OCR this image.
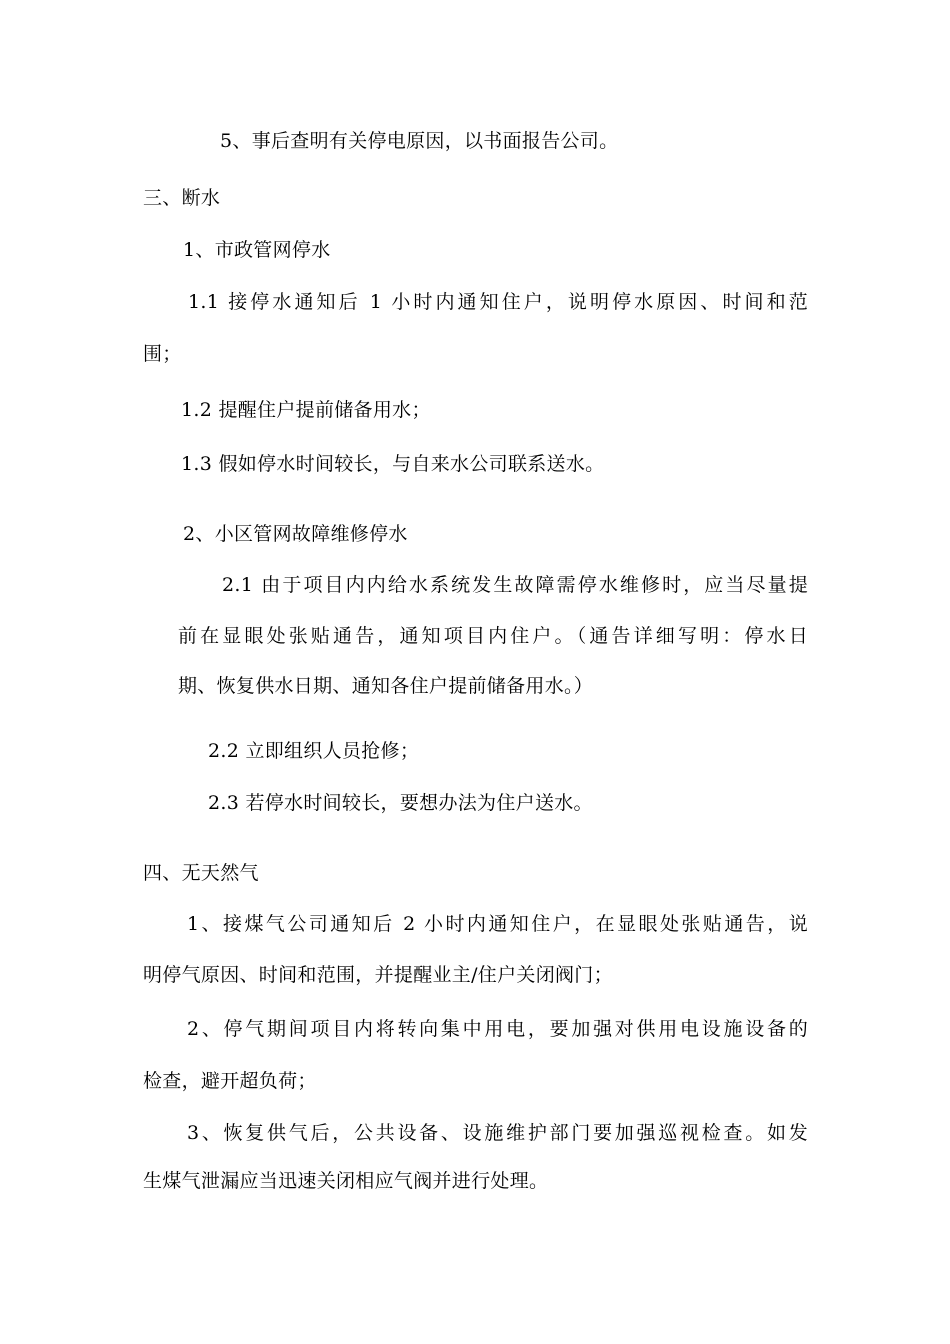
5、事后查明有关停电原因，以书面报告公司。
三、断水
1、市政管网停水
1.1 接停水通知后 1 小时内通知住户，说明停水原因、时间和范
围；
1.2 提醒住户提前储备用水；
1.3 假如停水时间较长，与自来水公司联系送水。
2、小区管网故障维修停水
2.1 由于项目内内给水系统发生故障需停水维修时，应当尽量提
前在显眼处张贴通告，通知项目内住户。（通告详细写明：停水日
期、恢复供水日期、通知各住户提前储备用水。）
2.2 立即组织人员抢修；
2.3 若停水时间较长，要想办法为住户送水。
四、无天然气
1、接煤气公司通知后 2 小时内通知住户，在显眼处张贴通告，说
明停气原因、时间和范围，并提醒业主/住户关闭阀门；
2、停气期间项目内将转向集中用电，要加强对供用电设施设备的
检查，避开超负荷；
3、恢复供气后，公共设备、设施维护部门要加强巡视检查。如发
生煤气泄漏应当迅速关闭相应气阀并进行处理。
